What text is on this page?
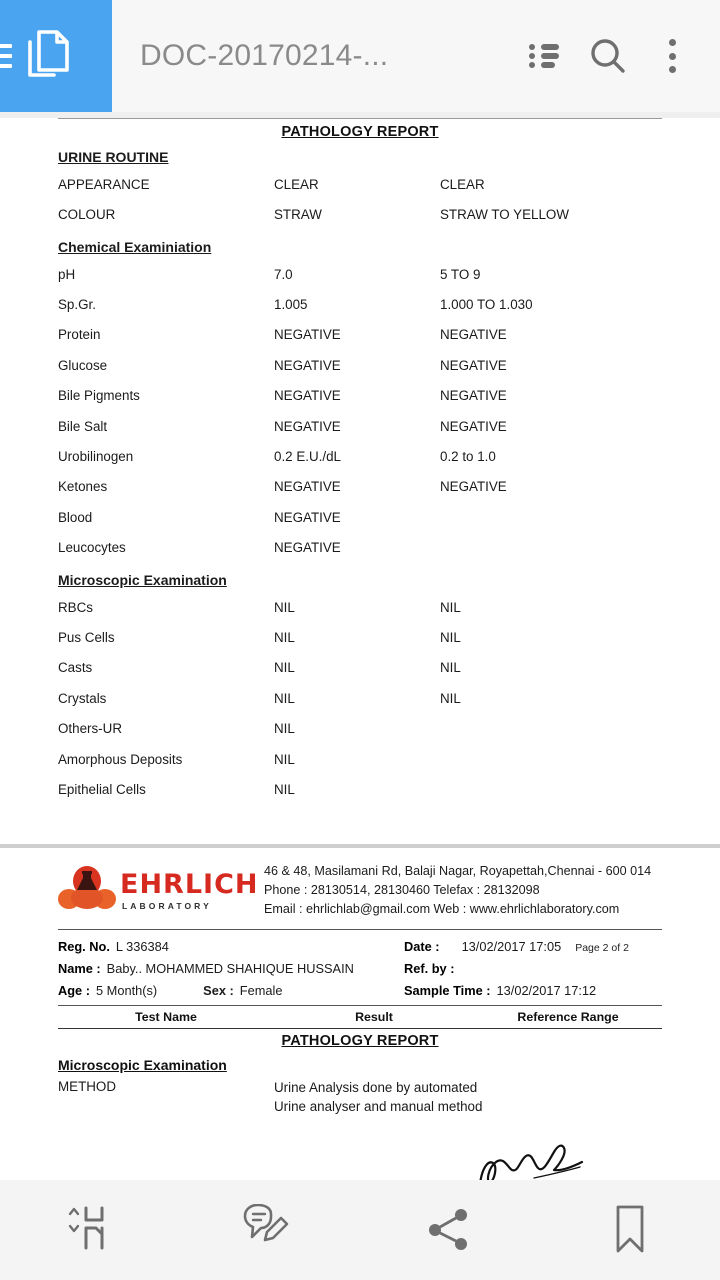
DOC-20170214-...
PATHOLOGY REPORT
URINE ROUTINE		
APPEARANCE	CLEAR	CLEAR
COLOUR	STRAW	STRAW TO YELLOW
Chemical Examiniation		
pH	7.0	5 TO 9
Sp.Gr.	1.005	1.000 TO 1.030
Protein	NEGATIVE	NEGATIVE
Glucose	NEGATIVE	NEGATIVE
Bile Pigments	NEGATIVE	NEGATIVE
Bile Salt	NEGATIVE	NEGATIVE
Urobilinogen	0.2 E.U./dL	0.2 to 1.0
Ketones	NEGATIVE	NEGATIVE
Blood	NEGATIVE	
Leucocytes	NEGATIVE	
Microscopic Examination		
RBCs	NIL	NIL
Pus Cells	NIL	NIL
Casts	NIL	NIL
Crystals	NIL	NIL
Others-UR	NIL	
Amorphous Deposits	NIL	
Epithelial Cells	NIL	
EHRLICH
LABORATORY
46 & 48, Masilamani Rd, Balaji Nagar, Royapettah,Chennai - 600 014
Phone : 28130514, 28130460 Telefax : 28132098
Email : ehrlichlab@gmail.com Web : www.ehrlichlaboratory.com
Reg. No. L 336384	Date : 13/02/2017 17:05 Page 2 of 2
Name : Baby.. MOHAMMED SHAHIQUE HUSSAIN	Ref. by :
Age : 5 Month(s)	Sex : Female	Sample Time : 13/02/2017 17:12
Test Name	Result	Reference Range
PATHOLOGY REPORT
Microscopic Examination
METHOD	Urine Analysis done by automated
Urine analyser and manual method
